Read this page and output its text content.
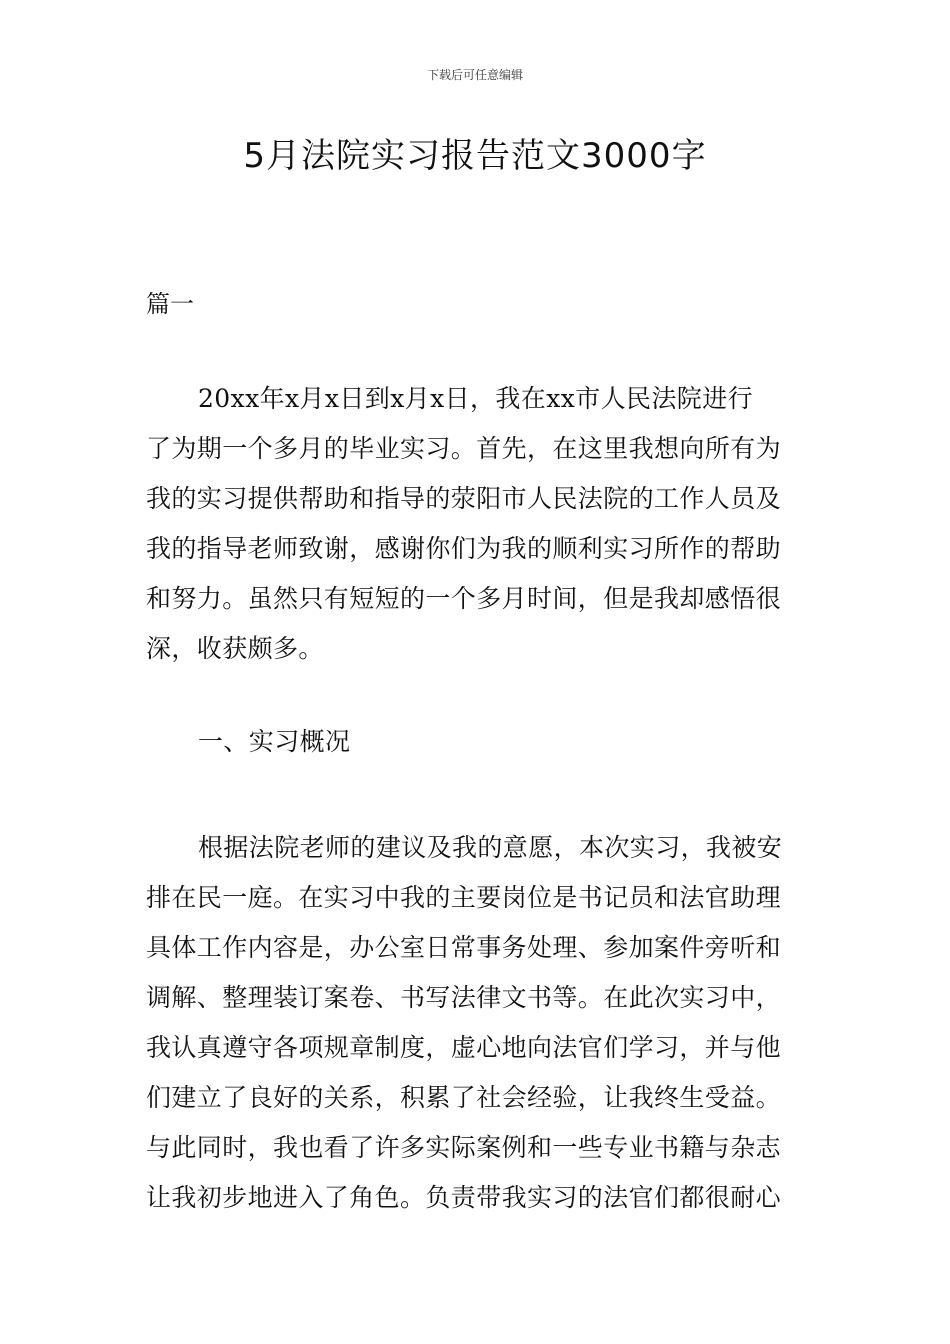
下载后可任意编辑
5月法院实习报告范文3000字
篇一

20xx年x月x日到x月x日，我在xx市人民法院进行
了为期一个多月的毕业实习。首先，在这里我想向所有为
我的实习提供帮助和指导的荥阳市人民法院的工作人员及
我的指导老师致谢，感谢你们为我的顺利实习所作的帮助
和努力。虽然只有短短的一个多月时间，但是我却感悟很
深，收获颇多。

一、实习概况

根据法院老师的建议及我的意愿，本次实习，我被安
排在民一庭。在实习中我的主要岗位是书记员和法官助理
具体工作内容是，办公室日常事务处理、参加案件旁听和
调解、整理装订案卷、书写法律文书等。在此次实习中，
我认真遵守各项规章制度，虚心地向法官们学习，并与他
们建立了良好的关系，积累了社会经验，让我终生受益。
与此同时，我也看了许多实际案例和一些专业书籍与杂志
让我初步地进入了角色。负责带我实习的法官们都很耐心
